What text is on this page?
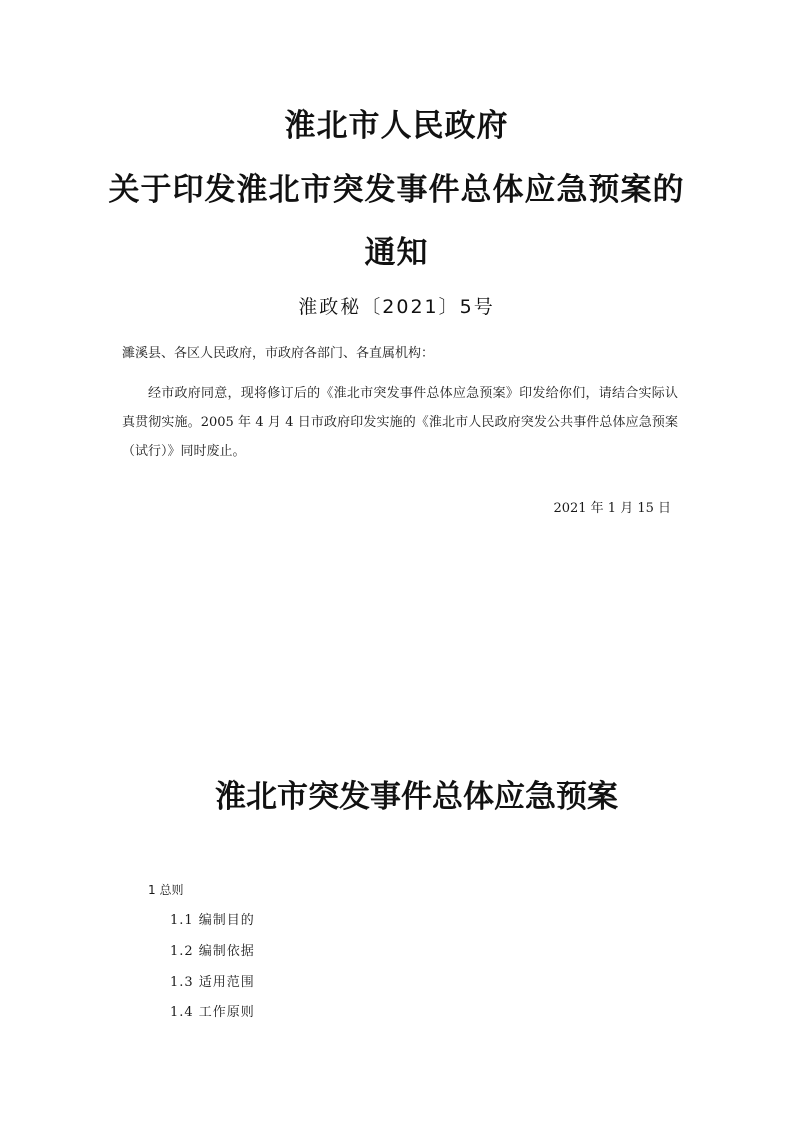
淮北市人民政府
关于印发淮北市突发事件总体应急预案的
通知
淮政秘〔2021〕5号
濉溪县、各区人民政府，市政府各部门、各直属机构：

经市政府同意，现将修订后的《淮北市突发事件总体应急预案》印发给你们，请结合实际认真贯彻实施。2005 年 4 月 4 日市政府印发实施的《淮北市人民政府突发公共事件总体应急预案（试行）》同时废止。

2021 年 1 月 15 日
淮北市突发事件总体应急预案
1 总则
1.1 编制目的
1.2 编制依据
1.3 适用范围
1.4 工作原则
